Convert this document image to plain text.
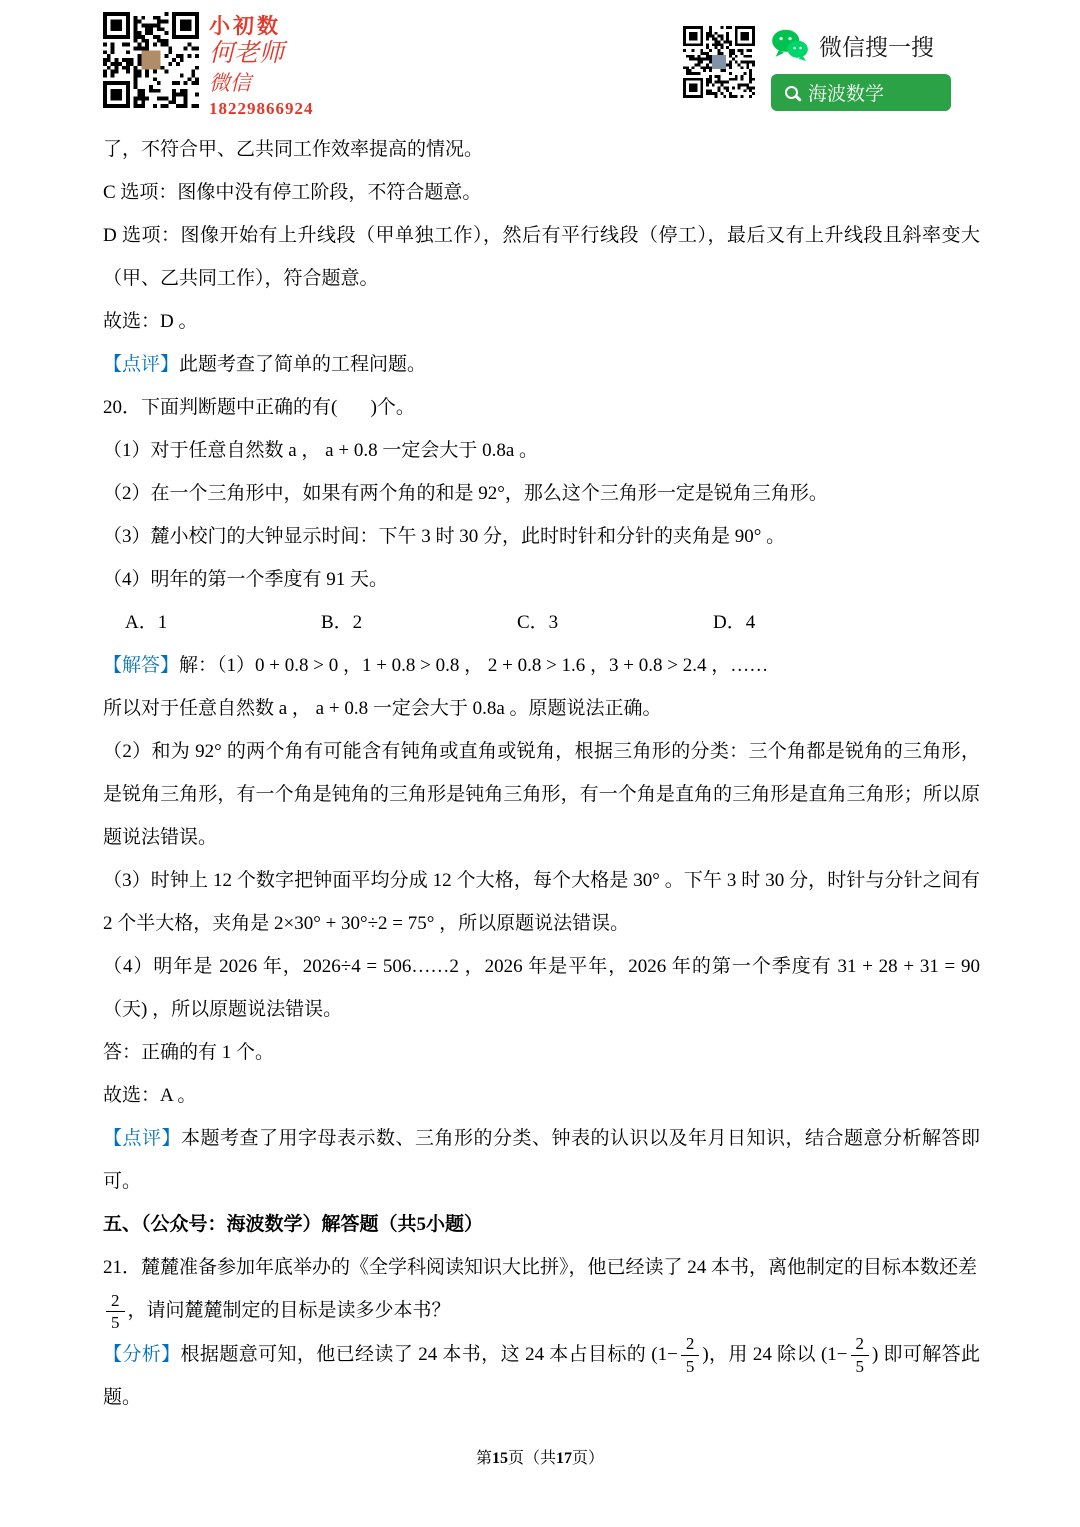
小初数
何老师
微信
18229866924
微信搜一搜
海波数学

了，不符合甲、乙共同工作效率提高的情况。

C 选项：图像中没有停工阶段，不符合题意。

D 选项：图像开始有上升线段（甲单独工作），然后有平行线段（停工），最后又有上升线段且斜率变大（甲、乙共同工作），符合题意。

故选：D 。

【点评】此题考查了简单的工程问题。

20．下面判断题中正确的有(       )个。

（1）对于任意自然数 a ， a + 0.8 一定会大于 0.8a 。

（2）在一个三角形中，如果有两个角的和是 92°，那么这个三角形一定是锐角三角形。

（3）麓小校门的大钟显示时间：下午 3 时 30 分，此时时针和分针的夹角是 90° 。

（4）明年的第一个季度有 91 天。

A．1	B．2	C．3	D．4

【解答】解：（1）0 + 0.8 > 0 ，1 + 0.8 > 0.8 ， 2 + 0.8 > 1.6 ，3 + 0.8 > 2.4 ，……

所以对于任意自然数 a ， a + 0.8 一定会大于 0.8a 。原题说法正确。

（2）和为 92° 的两个角有可能含有钝角或直角或锐角，根据三角形的分类：三个角都是锐角的三角形，是锐角三角形，有一个角是钝角的三角形是钝角三角形，有一个角是直角的三角形是直角三角形；所以原题说法错误。

（3）时钟上 12 个数字把钟面平均分成 12 个大格，每个大格是 30° 。下午 3 时 30 分，时针与分针之间有 2 个半大格，夹角是 2×30° + 30°÷2 = 75° ，所以原题说法错误。

（4）明年是 2026 年，2026÷4 = 506……2 ，2026 年是平年，2026 年的第一个季度有 31 + 28 + 31 = 90 （天) ，所以原题说法错误。

答：正确的有 1 个。

故选：A 。

【点评】本题考查了用字母表示数、三角形的分类、钟表的认识以及年月日知识，结合题意分析解答即可。

五、（公众号：海波数学）解答题（共5小题）

21．麓麓准备参加年底举办的《全学科阅读知识大比拼》，他已经读了 24 本书，离他制定的目标本数还差

$\frac{2}{5}$ ，请问麓麓制定的目标是读多少本书？

【分析】根据题意可知，他已经读了 24 本书，这 24 本占目标的 ($1- \frac{2}{5}$ )，用 24 除以 ($1- \frac{2}{5}$ ) 即可解答此题。

第15页（共17页）
